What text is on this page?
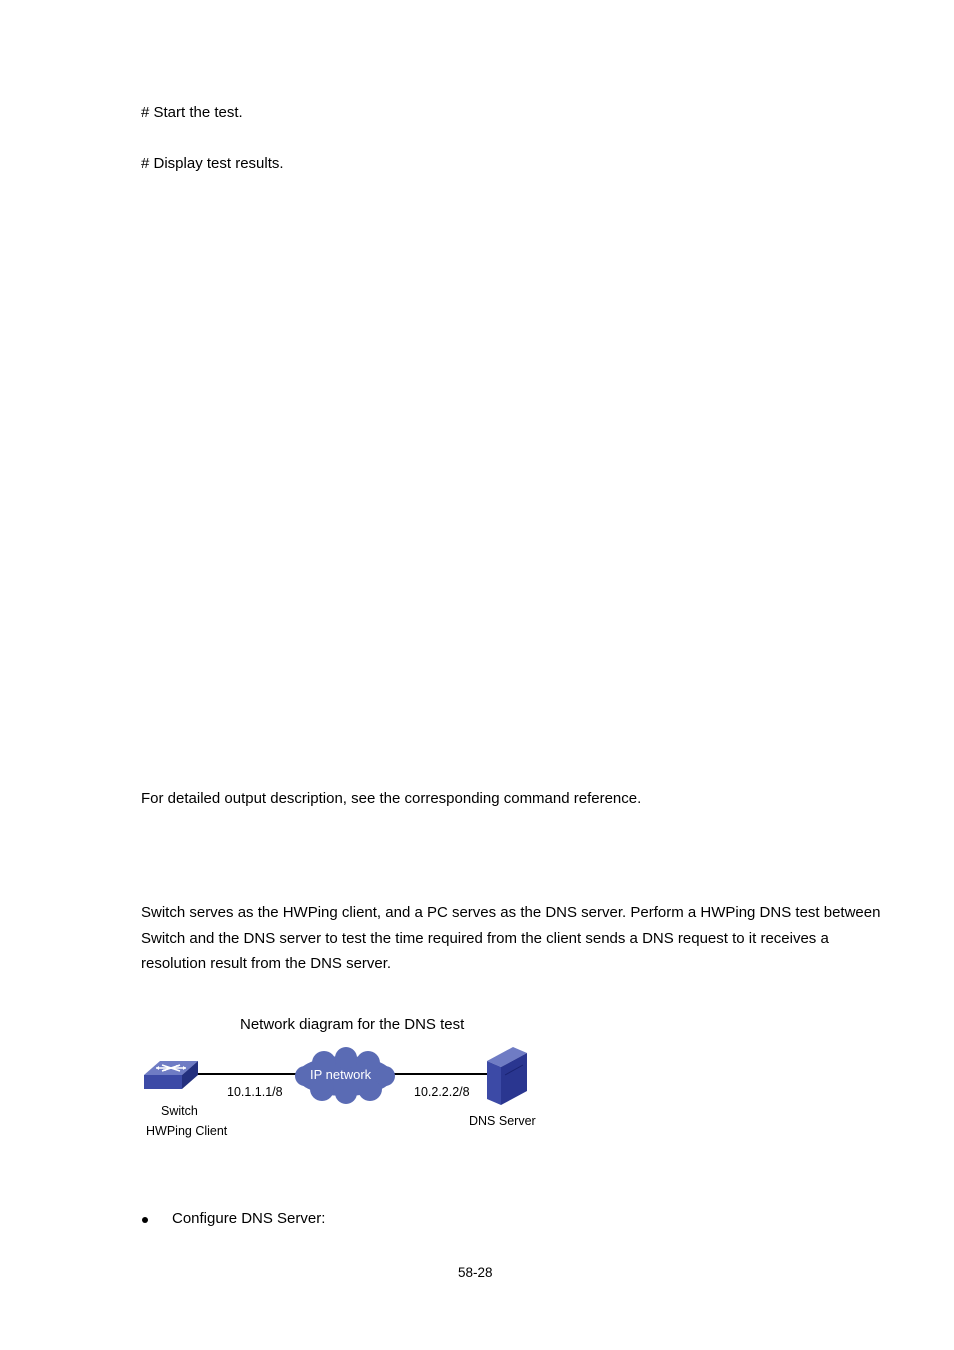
# Start the test.
# Display test results.
For detailed output description, see the corresponding command reference.
Switch serves as the HWPing client, and a PC serves as the DNS server. Perform a HWPing DNS test between Switch and the DNS server to test the time required from the client sends a DNS request to it receives a resolution result from the DNS server.
Network diagram for the DNS test
IP network
Switch
HWPing Client
10.1.1.1/8	10.2.2.2/8
DNS Server
Configure DNS Server:
58-28
